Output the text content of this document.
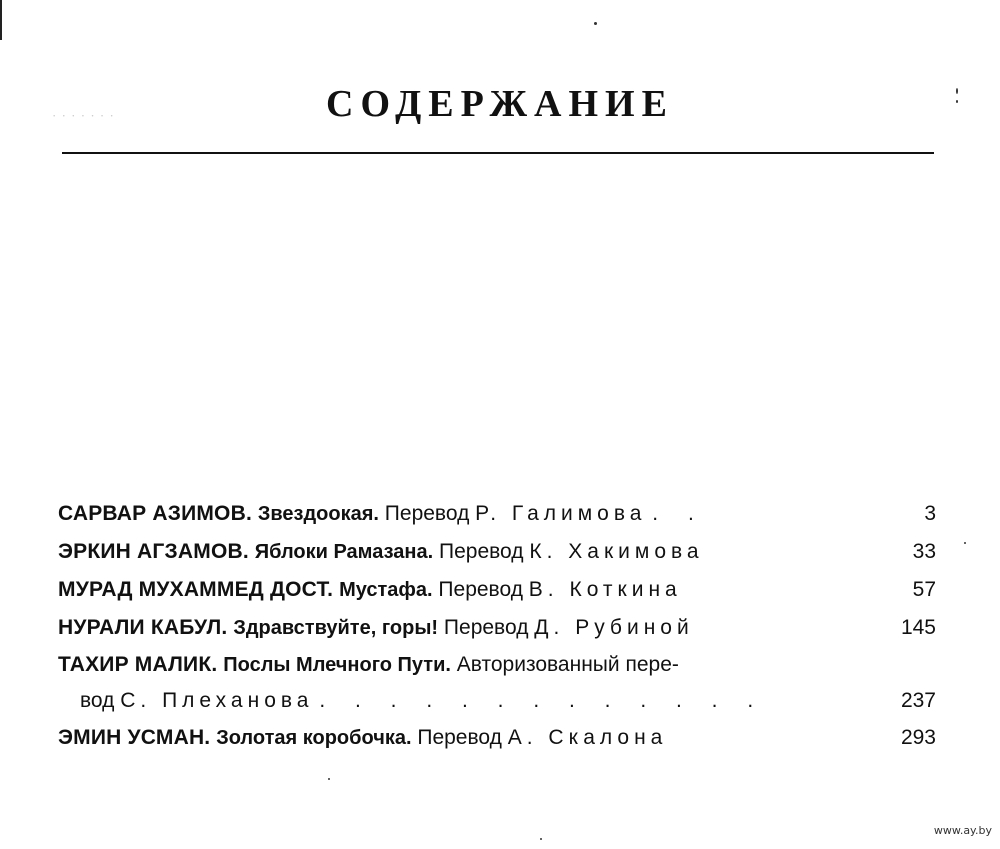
· · · · · · ·	СОДЕРЖАНИЕ
САРВАР АЗИМОВ. Звездоокая. Перевод Р. Галимова . .	3
ЭРКИН АГЗАМОВ. Яблоки Рамазана. Перевод К. Хакимова	33
МУРАД МУХАММЕД ДОСТ. Мустафа. Перевод В. Коткина	57
НУРАЛИ КАБУЛ. Здравствуйте, горы! Перевод Д. Рубиной	145
ТАХИР МАЛИК. Послы Млечного Пути. Авторизованный пере-
вод С. Плеханова . . . . . . . . . . . . .	237
ЭМИН УСМАН. Золотая коробочка. Перевод А. Скалона	293
www.ay.by
